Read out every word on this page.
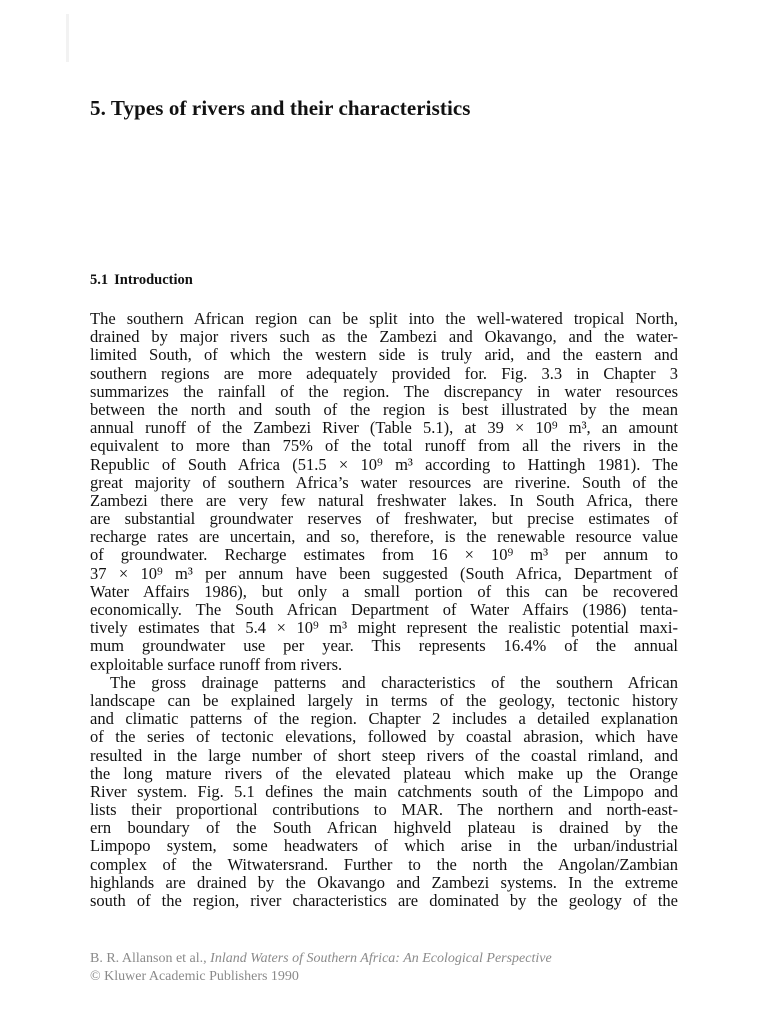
5. Types of rivers and their characteristics
5.1 Introduction
The southern African region can be split into the well-watered tropical North,
drained by major rivers such as the Zambezi and Okavango, and the water-
limited South, of which the western side is truly arid, and the eastern and
southern regions are more adequately provided for. Fig. 3.3 in Chapter 3
summarizes the rainfall of the region. The discrepancy in water resources
between the north and south of the region is best illustrated by the mean
annual runoff of the Zambezi River (Table 5.1), at 39 × 10⁹ m³, an amount
equivalent to more than 75% of the total runoff from all the rivers in the
Republic of South Africa (51.5 × 10⁹ m³ according to Hattingh 1981). The
great majority of southern Africa’s water resources are riverine. South of the
Zambezi there are very few natural freshwater lakes. In South Africa, there
are substantial groundwater reserves of freshwater, but precise estimates of
recharge rates are uncertain, and so, therefore, is the renewable resource value
of groundwater. Recharge estimates from 16 × 10⁹ m³ per annum to
37 × 10⁹ m³ per annum have been suggested (South Africa, Department of
Water Affairs 1986), but only a small portion of this can be recovered
economically. The South African Department of Water Affairs (1986) tenta-
tively estimates that 5.4 × 10⁹ m³ might represent the realistic potential maxi-
mum groundwater use per year. This represents 16.4% of the annual
exploitable surface runoff from rivers.
The gross drainage patterns and characteristics of the southern African
landscape can be explained largely in terms of the geology, tectonic history
and climatic patterns of the region. Chapter 2 includes a detailed explanation
of the series of tectonic elevations, followed by coastal abrasion, which have
resulted in the large number of short steep rivers of the coastal rimland, and
the long mature rivers of the elevated plateau which make up the Orange
River system. Fig. 5.1 defines the main catchments south of the Limpopo and
lists their proportional contributions to MAR. The northern and north-east-
ern boundary of the South African highveld plateau is drained by the
Limpopo system, some headwaters of which arise in the urban/industrial
complex of the Witwatersrand. Further to the north the Angolan/Zambian
highlands are drained by the Okavango and Zambezi systems. In the extreme
south of the region, river characteristics are dominated by the geology of the
B. R. Allanson et al., Inland Waters of Southern Africa: An Ecological Perspective
© Kluwer Academic Publishers 1990
